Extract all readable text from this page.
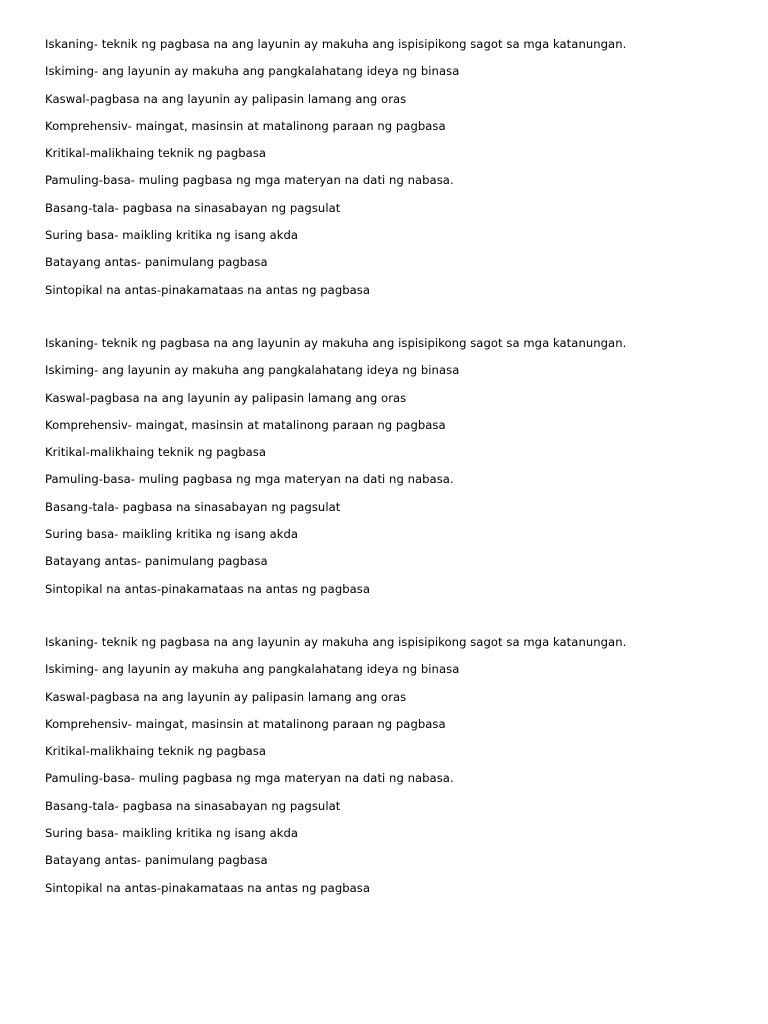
Iskaning- teknik ng pagbasa na ang layunin ay makuha ang ispisipikong sagot sa mga katanungan.
Iskiming- ang layunin ay makuha ang pangkalahatang ideya ng binasa
Kaswal-pagbasa na ang layunin ay palipasin lamang ang oras
Komprehensiv- maingat, masinsin at matalinong paraan ng pagbasa
Kritikal-malikhaing teknik ng pagbasa
Pamuling-basa- muling pagbasa ng mga materyan na dati ng nabasa.
Basang-tala- pagbasa na sinasabayan ng pagsulat
Suring basa- maikling kritika ng isang akda
Batayang antas- panimulang pagbasa
Sintopikal na antas-pinakamataas na antas ng pagbasa
Iskaning- teknik ng pagbasa na ang layunin ay makuha ang ispisipikong sagot sa mga katanungan.
Iskiming- ang layunin ay makuha ang pangkalahatang ideya ng binasa
Kaswal-pagbasa na ang layunin ay palipasin lamang ang oras
Komprehensiv- maingat, masinsin at matalinong paraan ng pagbasa
Kritikal-malikhaing teknik ng pagbasa
Pamuling-basa- muling pagbasa ng mga materyan na dati ng nabasa.
Basang-tala- pagbasa na sinasabayan ng pagsulat
Suring basa- maikling kritika ng isang akda
Batayang antas- panimulang pagbasa
Sintopikal na antas-pinakamataas na antas ng pagbasa
Iskaning- teknik ng pagbasa na ang layunin ay makuha ang ispisipikong sagot sa mga katanungan.
Iskiming- ang layunin ay makuha ang pangkalahatang ideya ng binasa
Kaswal-pagbasa na ang layunin ay palipasin lamang ang oras
Komprehensiv- maingat, masinsin at matalinong paraan ng pagbasa
Kritikal-malikhaing teknik ng pagbasa
Pamuling-basa- muling pagbasa ng mga materyan na dati ng nabasa.
Basang-tala- pagbasa na sinasabayan ng pagsulat
Suring basa- maikling kritika ng isang akda
Batayang antas- panimulang pagbasa
Sintopikal na antas-pinakamataas na antas ng pagbasa
